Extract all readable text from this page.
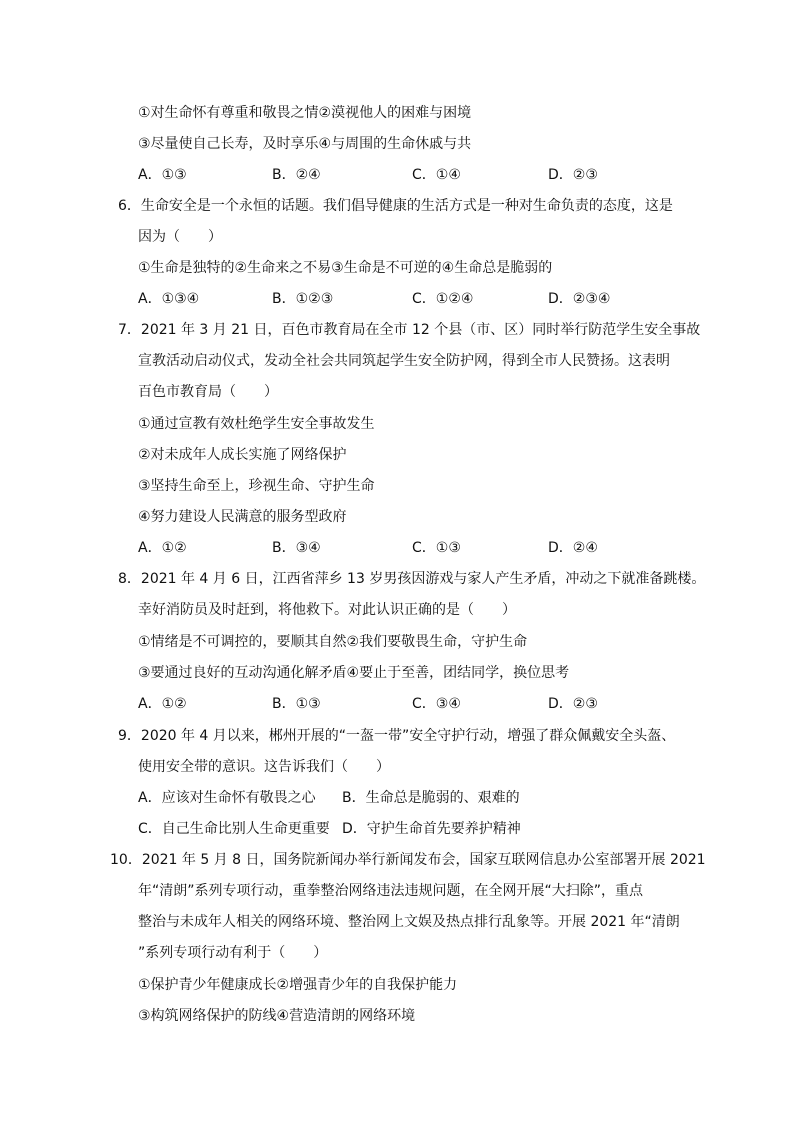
①对生命怀有尊重和敬畏之情②漠视他人的困难与困境
③尽量使自己长寿，及时享乐④与周围的生命休戚与共
A．①③	B．②④	C．①④	D．②③
6．生命安全是一个永恒的话题。我们倡导健康的生活方式是一种对生命负责的态度，这是
因为（　　）
①生命是独特的②生命来之不易③生命是不可逆的④生命总是脆弱的
A．①③④	B．①②③	C．①②④	D．②③④
7．2021 年 3 月 21 日，百色市教育局在全市 12 个县（市、区）同时举行防范学生安全事故
宣教活动启动仪式，发动全社会共同筑起学生安全防护网，得到全市人民赞扬。这表明
百色市教育局（　　）
①通过宣教有效杜绝学生安全事故发生
②对未成年人成长实施了网络保护
③坚持生命至上，珍视生命、守护生命
④努力建设人民满意的服务型政府
A．①②	B．③④	C．①③	D．②④
8．2021 年 4 月 6 日，江西省萍乡 13 岁男孩因游戏与家人产生矛盾，冲动之下就准备跳楼。
幸好消防员及时赶到，将他救下。对此认识正确的是（　　）
①情绪是不可调控的，要顺其自然②我们要敬畏生命，守护生命
③要通过良好的互动沟通化解矛盾④要止于至善，团结同学，换位思考
A．①②	B．①③	C．③④	D．②③
9．2020 年 4 月以来，郴州开展的“一盔一带”安全守护行动，增强了群众佩戴安全头盔、
使用安全带的意识。这告诉我们（　　）
A．应该对生命怀有敬畏之心 B．生命总是脆弱的、艰难的
C．自己生命比别人生命更重要 D．守护生命首先要养护精神
10．2021 年 5 月 8 日，国务院新闻办举行新闻发布会，国家互联网信息办公室部署开展 2021
年“清朗”系列专项行动，重拳整治网络违法违规问题，在全网开展“大扫除”，重点
整治与未成年人相关的网络环境、整治网上文娱及热点排行乱象等。开展 2021 年“清朗
”系列专项行动有利于（　　）
①保护青少年健康成长②增强青少年的自我保护能力
③构筑网络保护的防线④营造清朗的网络环境
